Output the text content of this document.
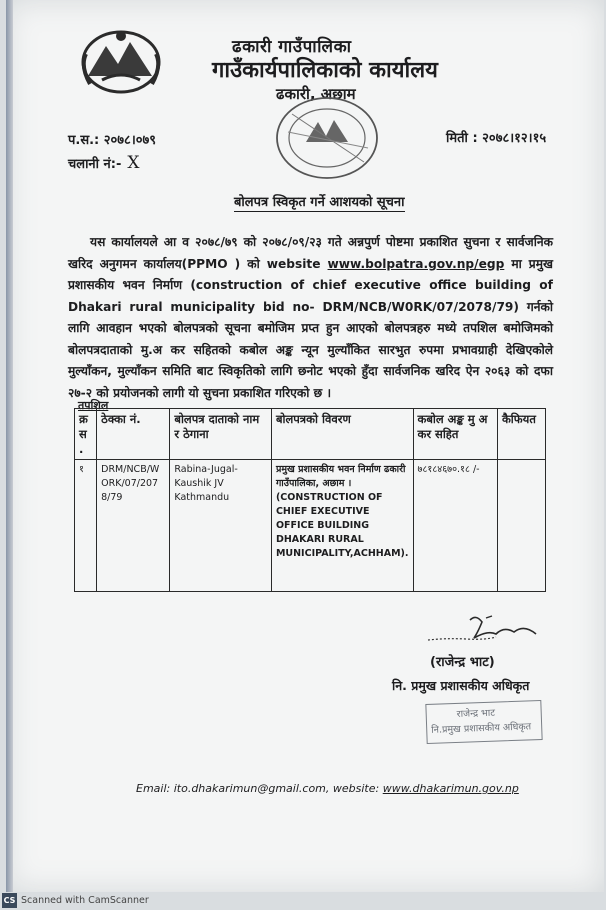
ढकारी गाउँपालिका
गाउँकार्यपालिकाको कार्यालय
ढकारी, अछाम
प.स.: २०७८।०७९
चलानी नं:- X
मिती : २०७८।१२।१५
बोलपत्र स्विकृत गर्ने आशयको सूचना
यस कार्यालयले आ व २०७८/७९ को २०७८/०९/२३ गते अन्नपुर्ण पोष्टमा प्रकाशित सुचना र सार्वजनिक खरिद अनुगमन कार्यालय(PPMO ) को website www.bolpatra.gov.np/egp मा प्रमुख प्रशासकीय भवन निर्माण (construction of chief executive office building of Dhakari rural municipality bid no- DRM/NCB/W0RK/07/2078/79) गर्नको लागि आवहान भएको बोलपत्रको सूचना बमोजिम प्रप्त हुन आएको बोलपत्रहरु मध्ये तपशिल बमोजिमको बोलपत्रदाताको मु.अ कर सहितको कबोल अङ्क न्यून मुल्याँकित सारभुत रुपमा प्रभावग्राही देखिएकोले मुल्याँकन, मुल्याँकन समिति बाट स्विकृतिको लागि छनोट भएको हुँदा सार्वजनिक खरिद ऐन २०६३ को दफा २७-२ को प्रयोजनको लागी यो सुचना प्रकाशित गरिएको छ ।
तपशिल
क्र स .	ठेक्का नं.	बोलपत्र दाताको नाम र ठेगाना	बोलपत्रको विवरण	कबोल अङ्क मु अ कर सहित	कैफियत
१	DRM/NCB/WORK/07/2078/79	Rabina-Jugal-Kaushik JV Kathmandu	प्रमुख प्रशासकीय भवन निर्माण ढकारी गाउँपालिका, अछाम । (CONSTRUCTION OF CHIEF EXECUTIVE OFFICE BUILDING DHAKARI RURAL MUNICIPALITY,ACHHAM).	७८१८४६७०.१८ /-	
(राजेन्द्र भाट)
नि. प्रमुख प्रशासकीय अधिकृत
राजेन्द्र भाट
नि.प्रमुख प्रशासकीय अधिकृत
Email: ito.dhakarimun@gmail.com, website: www.dhakarimun.gov.np
CS Scanned with CamScanner
